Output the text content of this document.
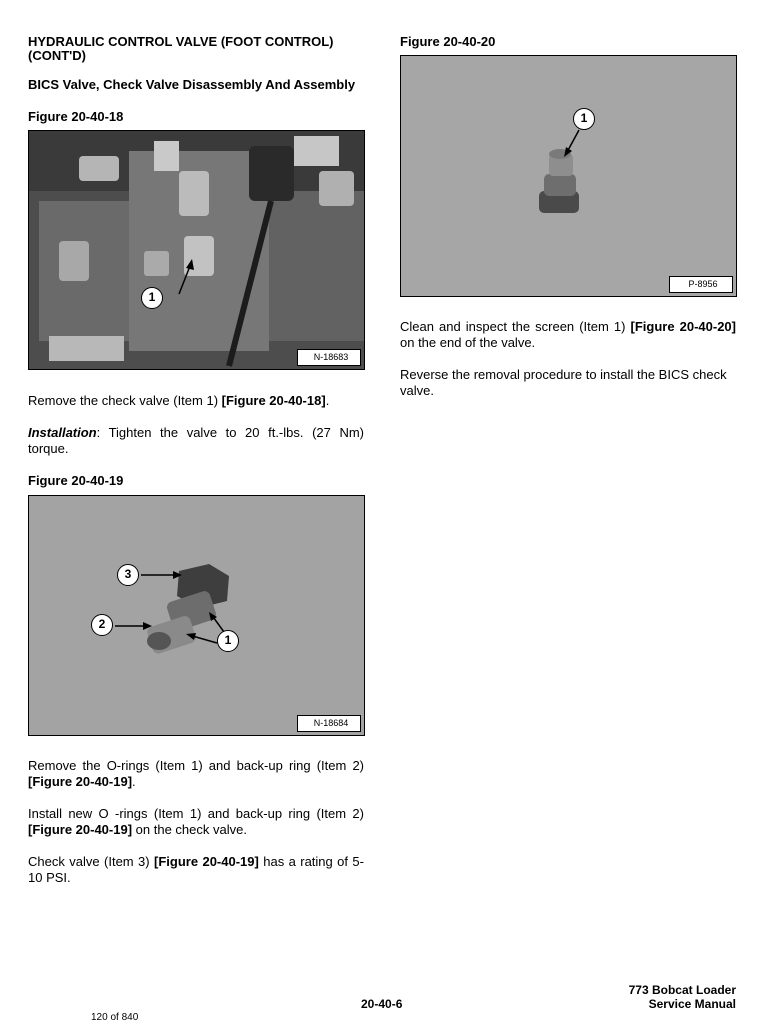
HYDRAULIC CONTROL VALVE (FOOT CONTROL) (CONT'D)
BICS Valve, Check Valve Disassembly And Assembly
Figure 20-40-18
1
N-18683
Remove the check valve (Item 1) [Figure 20-40-18].
Installation: Tighten the valve to 20 ft.-lbs. (27 Nm) torque.
Figure 20-40-19
3
2
1
N-18684
Remove the O-rings (Item 1) and back-up ring (Item 2) [Figure 20-40-19].
Install new O -rings (Item 1) and back-up ring (Item 2) [Figure 20-40-19] on the check valve.
Check valve (Item 3) [Figure 20-40-19] has a rating of 5-10 PSI.
Figure 20-40-20
1
P-8956
Clean and inspect the screen (Item 1) [Figure 20-40-20] on the end of the valve.
Reverse the removal procedure to install the BICS check valve.
120 of 840
20-40-6
773 Bobcat Loader
Service Manual
